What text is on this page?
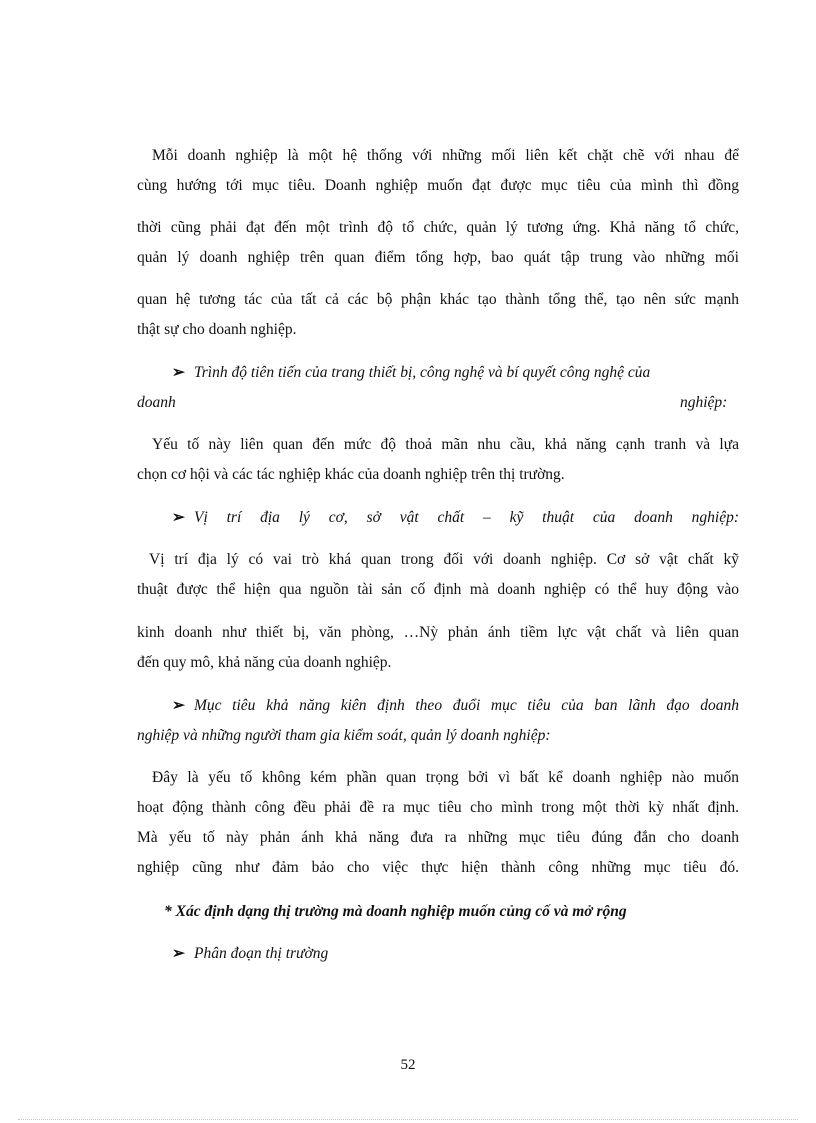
Mỗi doanh nghiệp là một hệ thống với những mối liên kết chặt chẽ với nhau để

cùng hướng tới mục tiêu. Doanh nghiệp muốn đạt được mục tiêu của mình thì đồng

thời cũng phải đạt đến một trình độ tổ chức, quản lý tương ứng. Khả năng tổ chức,

quản lý doanh nghiệp trên quan điểm tổng hợp, bao quát tập trung vào những mối

quan hệ tương tác của tất cả các bộ phận khác tạo thành tổng thể, tạo nên sức mạnh

thật sự cho doanh nghiệp.

➢ Trình độ tiên tiến của trang thiết bị, công nghệ và bí quyết công nghệ của

doanh	nghiệp:

Yếu tố này liên quan đến mức độ thoả mãn nhu cầu, khả năng cạnh tranh và lựa

chọn cơ hội và các tác nghiệp khác của doanh nghiệp trên thị trường.

➢ Vị trí địa lý cơ, sở vật chất – kỹ thuật của doanh nghiệp:

Vị trí địa lý có vai trò khá quan trong đối với doanh nghiệp. Cơ sở vật chất kỹ

thuật được thể hiện qua nguồn tài sản cố định mà doanh nghiệp có thể huy động vào

kinh doanh như thiết bị, văn phòng, …Nỳ phản ánh tiềm lực vật chất và liên quan

đến quy mô, khả năng của doanh nghiệp.

➢ Mục tiêu khả năng kiên định theo đuổi mục tiêu của ban lãnh đạo doanh

nghiệp và những người tham gia kiểm soát, quản lý doanh nghiệp:

Đây là yếu tố không kém phần quan trọng bởi vì bất kể doanh nghiệp nào muốn

hoạt động thành công đều phải đề ra mục tiêu cho mình trong một thời kỳ nhất định.

Mà yếu tố này phản ánh khả năng đưa ra những mục tiêu đúng đắn cho doanh

nghiệp cũng như đảm bảo cho việc thực hiện thành công những mục tiêu đó.

* Xác định dạng thị trường mà doanh nghiệp muốn củng cố và mở rộng

➢ Phân đoạn thị trường

52
